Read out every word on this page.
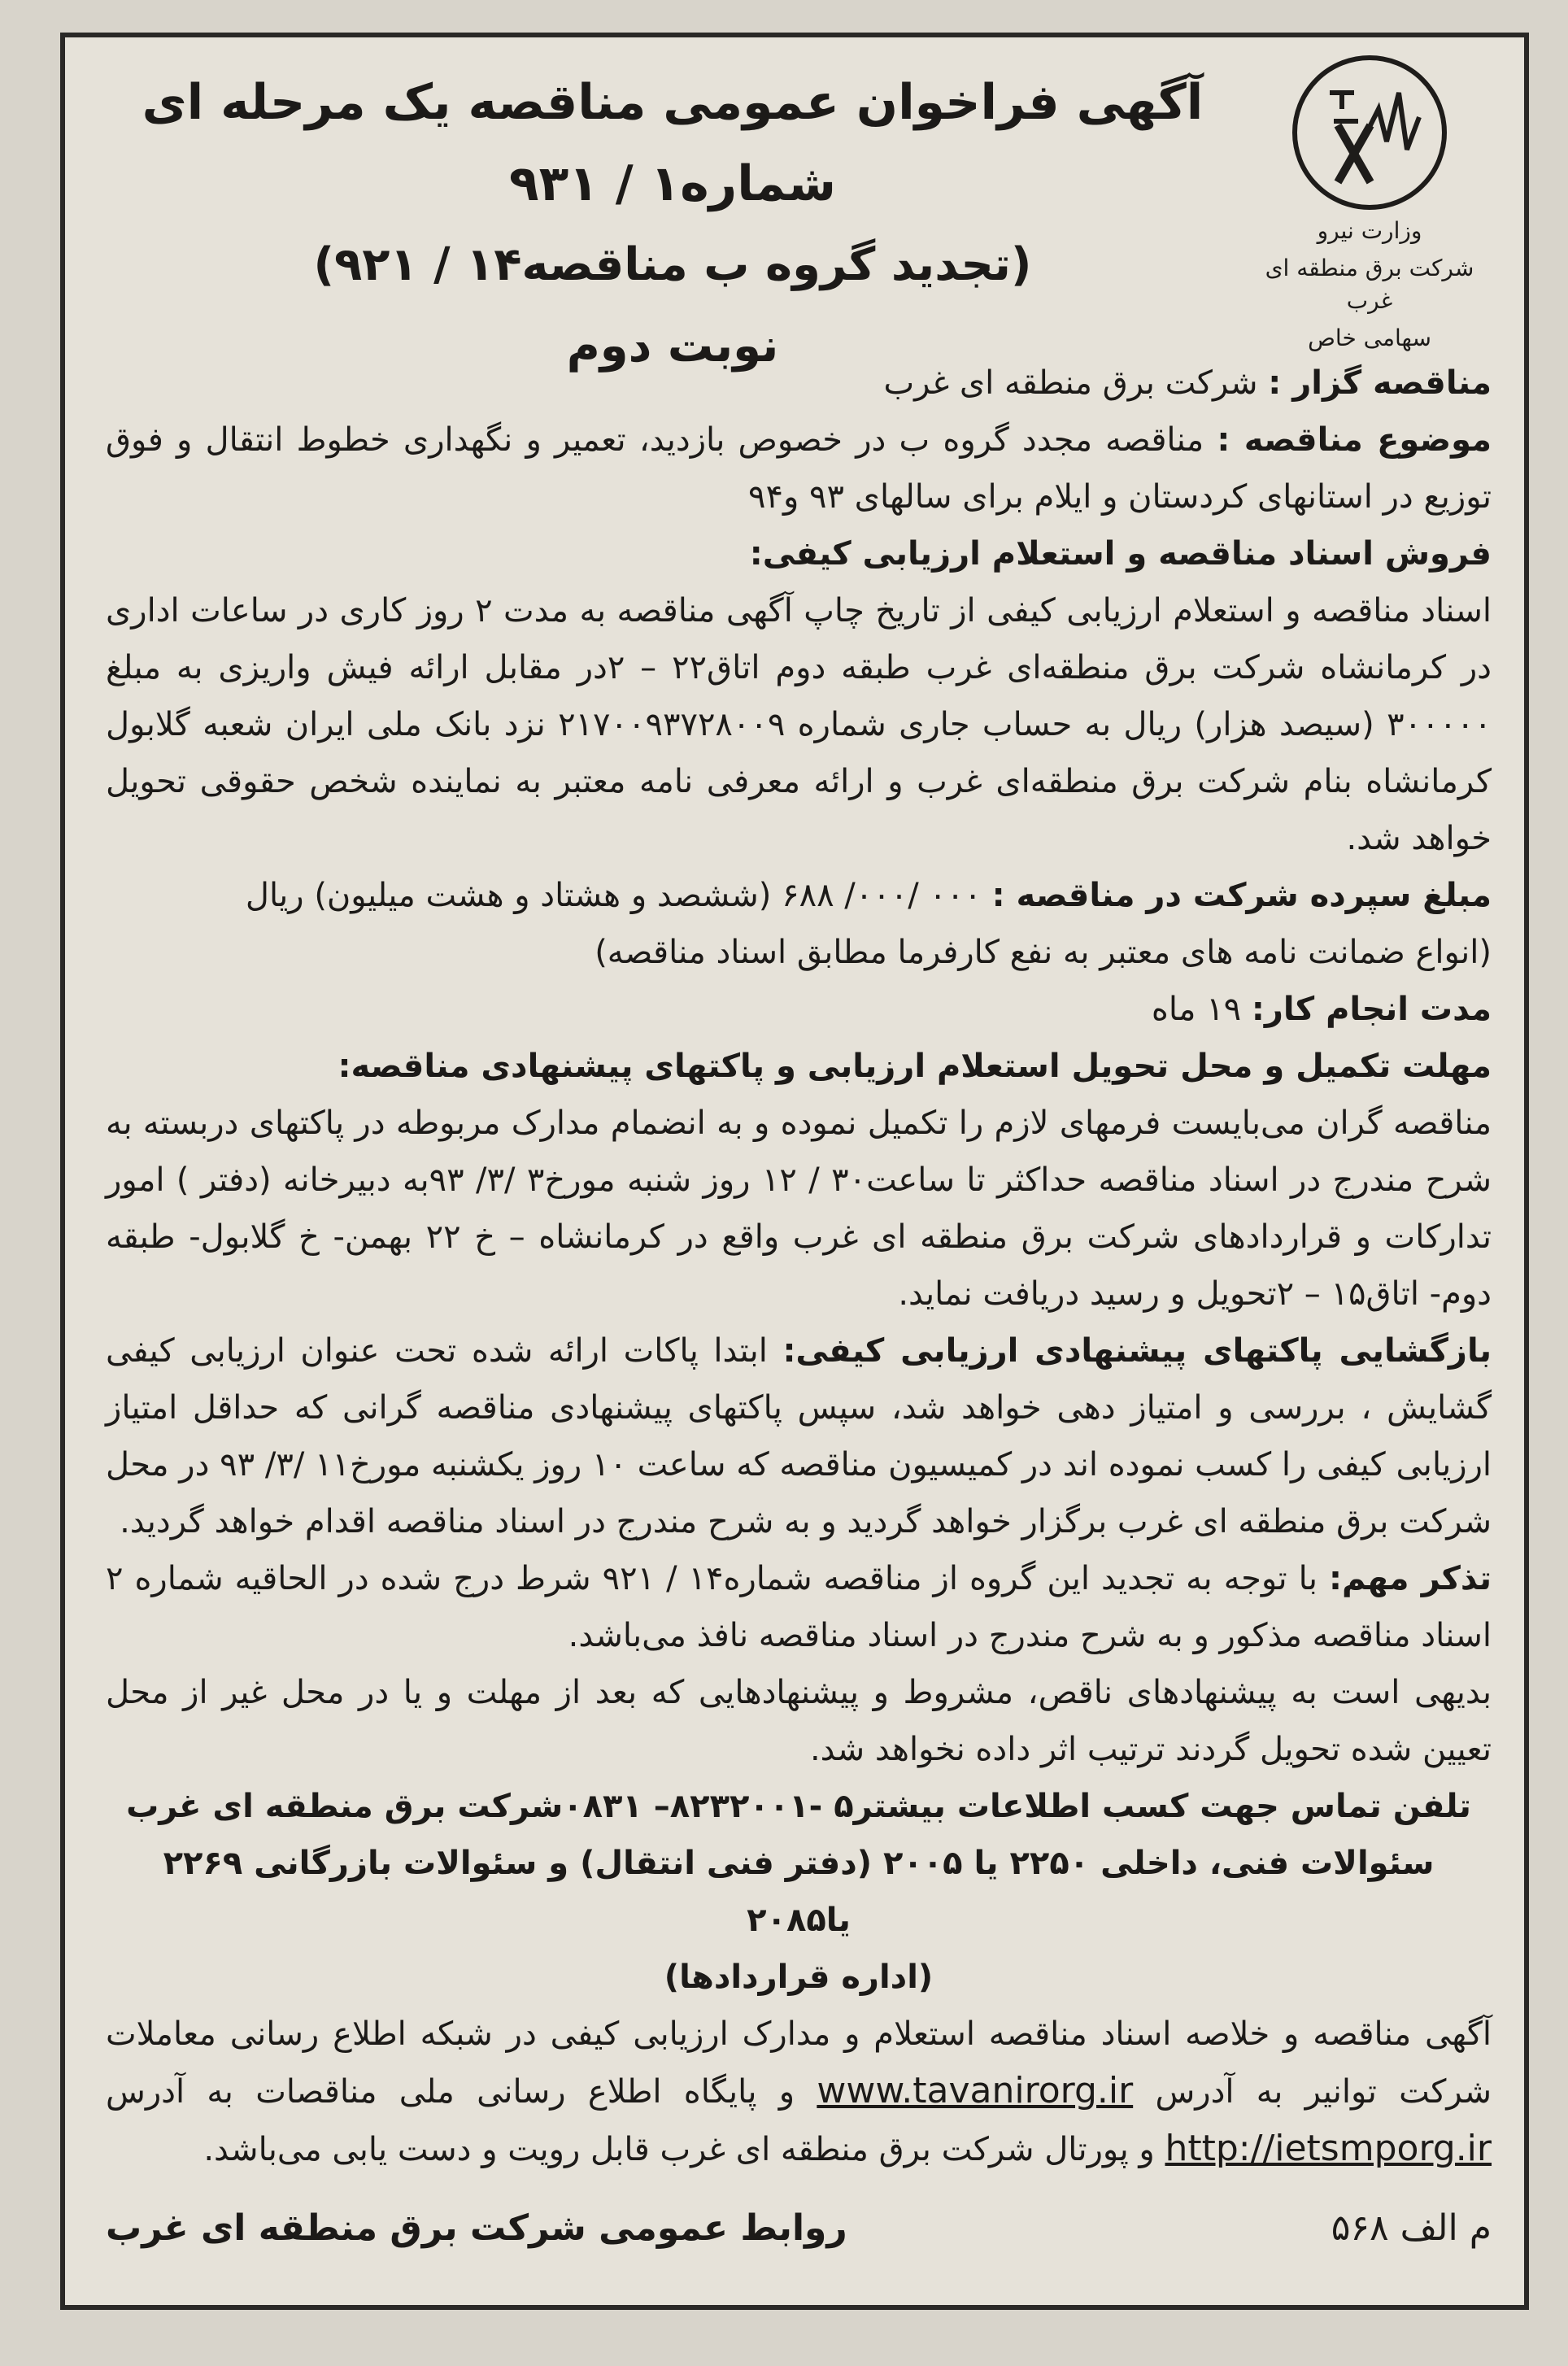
وزارت نیرو
شرکت برق منطقه ای غرب
سهامی خاص
آگهی فراخوان عمومی مناقصه یک مرحله ای شماره۱ / ۹۳۱
(تجدید گروه ب مناقصه۱۴ / ۹۲۱)
نوبت دوم

مناقصه گزار : شرکت برق منطقه ای غرب

موضوع مناقصه : مناقصه مجدد گروه ب در خصوص بازدید، تعمیر و نگهداری خطوط انتقال و فوق توزیع در استانهای کردستان و ایلام برای سالهای ۹۳ و۹۴

فروش اسناد مناقصه و استعلام ارزیابی کیفی:

اسناد مناقصه و استعلام ارزیابی کیفی از تاریخ چاپ آگهی مناقصه به مدت ۲ روز کاری در ساعات اداری در کرمانشاه شرکت برق منطقه‌ای غرب طبقه دوم اتاق۲۲ – ۲در مقابل ارائه فیش واریزی به مبلغ ۳۰۰۰۰۰ (سیصد هزار) ریال به حساب جاری شماره ۲۱۷۰۰۹۳۷۲۸۰۰۹ نزد بانک ملی ایران شعبه گلابول کرمانشاه بنام شرکت برق منطقه‌ای غرب و ارائه معرفی نامه معتبر به نماینده شخص حقوقی تحویل خواهد شد.

مبلغ سپرده شرکت در مناقصه : ۰۰۰ /۰۰۰/ ۶۸۸ (ششصد و هشتاد و هشت میلیون) ریال

(انواع ضمانت نامه های معتبر به نفع کارفرما مطابق اسناد مناقصه)

مدت انجام کار: ۱۹ ماه

مهلت تکمیل و محل تحویل استعلام ارزیابی و پاکتهای پیشنهادی مناقصه:

مناقصه گران می‌بایست فرمهای لازم را تکمیل نموده و به انضمام مدارک مربوطه در پاکتهای دربسته به شرح مندرج در اسناد مناقصه حداکثر تا ساعت۳۰ / ۱۲ روز شنبه مورخ۳ /۳/ ۹۳به دبیرخانه (دفتر ) امور تدارکات و قراردادهای شرکت برق منطقه ای غرب واقع در کرمانشاه – خ ۲۲ بهمن- خ گلابول- طبقه دوم- اتاق۱۵ – ۲تحویل و رسید دریافت نماید.

بازگشایی پاکتهای پیشنهادی ارزیابی کیفی: ابتدا پاکات ارائه شده تحت عنوان ارزیابی کیفی گشایش ، بررسی و امتیاز دهی خواهد شد، سپس پاکتهای پیشنهادی مناقصه گرانی که حداقل امتیاز ارزیابی کیفی را کسب نموده اند در کمیسیون مناقصه که ساعت ۱۰ روز یکشنبه مورخ۱۱ /۳/ ۹۳ در محل شرکت برق منطقه ای غرب برگزار خواهد گردید و به شرح مندرج در اسناد مناقصه اقدام خواهد گردید.

تذکر مهم: با توجه به تجدید این گروه از مناقصه شماره۱۴ / ۹۲۱ شرط درج شده در الحاقیه شماره ۲ اسناد مناقصه مذکور و به شرح مندرج در اسناد مناقصه نافذ می‌باشد.

بدیهی است به پیشنهادهای ناقص، مشروط و پیشنهادهایی که بعد از مهلت و یا در محل غیر از محل تعیین شده تحویل گردند ترتیب اثر داده نخواهد شد.

تلفن تماس جهت کسب اطلاعات بیشتر۵ -۸۲۳۲۰۰۱– ۰۸۳۱شرکت برق منطقه ای غرب

سئوالات فنی، داخلی ۲۲۵۰ یا ۲۰۰۵ (دفتر فنی انتقال) و سئوالات بازرگانی ۲۲۶۹ یا۲۰۸۵

(اداره قراردادها)

آگهی مناقصه و خلاصه اسناد مناقصه استعلام و مدارک ارزیابی کیفی در شبکه اطلاع رسانی معاملات شرکت توانیر به آدرس www.tavanirorg.ir و پایگاه اطلاع رسانی ملی مناقصات به آدرس http://ietsmporg.ir و پورتال شرکت برق منطقه ای غرب قابل رویت و دست یابی می‌باشد.

م الف ۵۶۸
روابط عمومی شرکت برق منطقه ای غرب
